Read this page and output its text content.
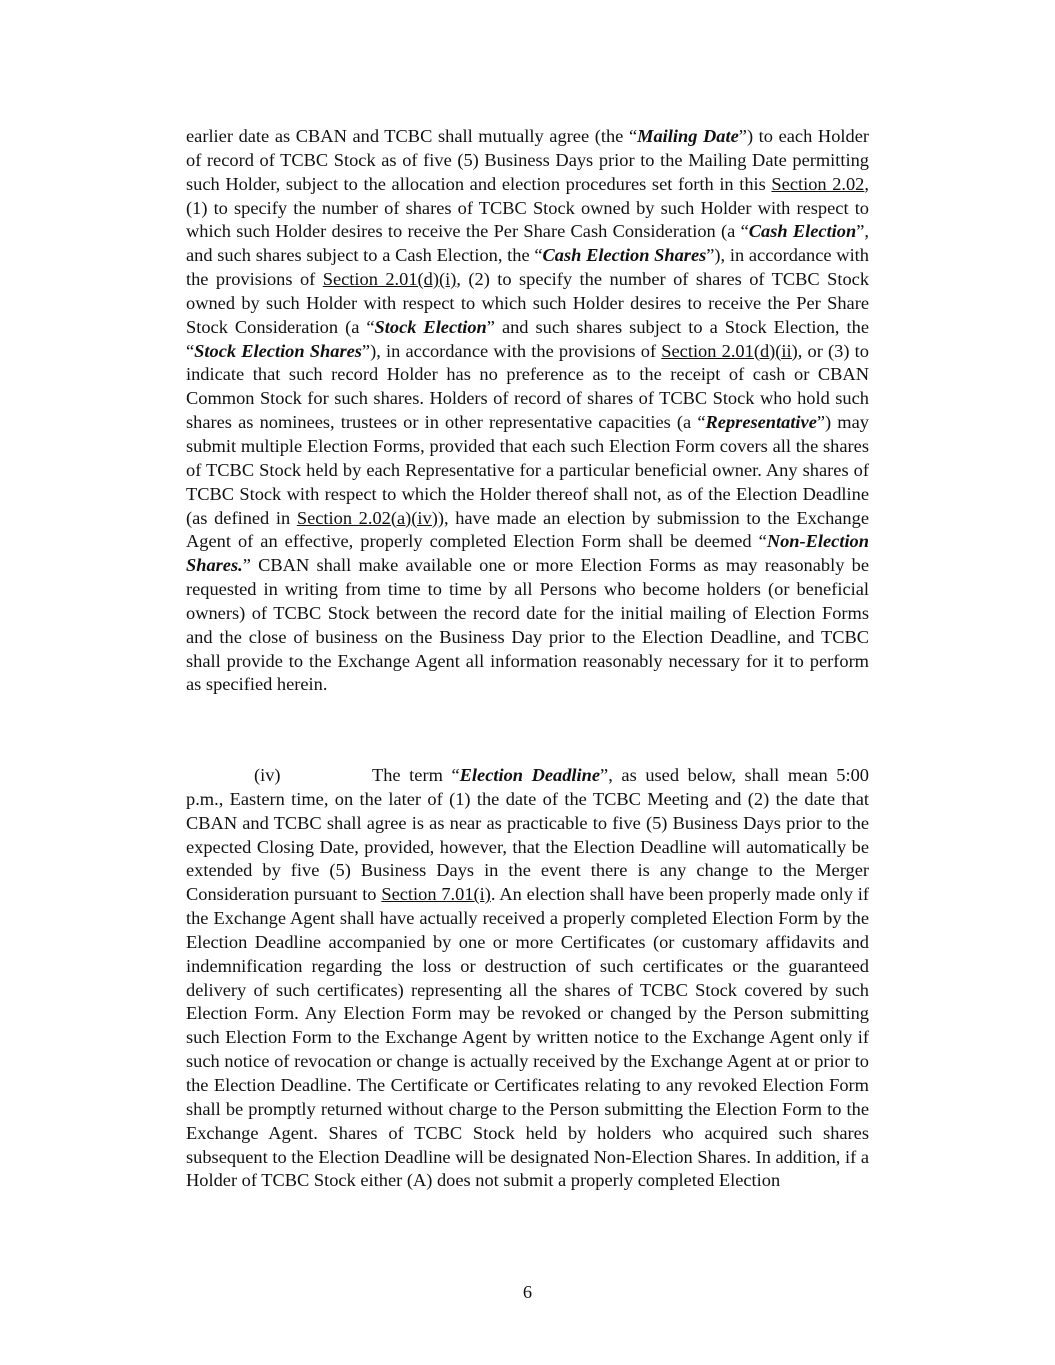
earlier date as CBAN and TCBC shall mutually agree (the “Mailing Date”) to each Holder of record of TCBC Stock as of five (5) Business Days prior to the Mailing Date permitting such Holder, subject to the allocation and election procedures set forth in this Section 2.02, (1) to specify the number of shares of TCBC Stock owned by such Holder with respect to which such Holder desires to receive the Per Share Cash Consideration (a “Cash Election”, and such shares subject to a Cash Election, the “Cash Election Shares”), in accordance with the provisions of Section 2.01(d)(i), (2) to specify the number of shares of TCBC Stock owned by such Holder with respect to which such Holder desires to receive the Per Share Stock Consideration (a “Stock Election” and such shares subject to a Stock Election, the “Stock Election Shares”), in accordance with the provisions of Section 2.01(d)(ii), or (3) to indicate that such record Holder has no preference as to the receipt of cash or CBAN Common Stock for such shares. Holders of record of shares of TCBC Stock who hold such shares as nominees, trustees or in other representative capacities (a “Representative”) may submit multiple Election Forms, provided that each such Election Form covers all the shares of TCBC Stock held by each Representative for a particular beneficial owner. Any shares of TCBC Stock with respect to which the Holder thereof shall not, as of the Election Deadline (as defined in Section 2.02(a)(iv)), have made an election by submission to the Exchange Agent of an effective, properly completed Election Form shall be deemed “Non-Election Shares.” CBAN shall make available one or more Election Forms as may reasonably be requested in writing from time to time by all Persons who become holders (or beneficial owners) of TCBC Stock between the record date for the initial mailing of Election Forms and the close of business on the Business Day prior to the Election Deadline, and TCBC shall provide to the Exchange Agent all information reasonably necessary for it to perform as specified herein.

(iv)	The term “Election Deadline”, as used below, shall mean 5:00 p.m., Eastern time, on the later of (1) the date of the TCBC Meeting and (2) the date that CBAN and TCBC shall agree is as near as practicable to five (5) Business Days prior to the expected Closing Date, provided, however, that the Election Deadline will automatically be extended by five (5) Business Days in the event there is any change to the Merger Consideration pursuant to Section 7.01(i). An election shall have been properly made only if the Exchange Agent shall have actually received a properly completed Election Form by the Election Deadline accompanied by one or more Certificates (or customary affidavits and indemnification regarding the loss or destruction of such certificates or the guaranteed delivery of such certificates) representing all the shares of TCBC Stock covered by such Election Form. Any Election Form may be revoked or changed by the Person submitting such Election Form to the Exchange Agent by written notice to the Exchange Agent only if such notice of revocation or change is actually received by the Exchange Agent at or prior to the Election Deadline. The Certificate or Certificates relating to any revoked Election Form shall be promptly returned without charge to the Person submitting the Election Form to the Exchange Agent. Shares of TCBC Stock held by holders who acquired such shares subsequent to the Election Deadline will be designated Non-Election Shares. In addition, if a Holder of TCBC Stock either (A) does not submit a properly completed Election

6
